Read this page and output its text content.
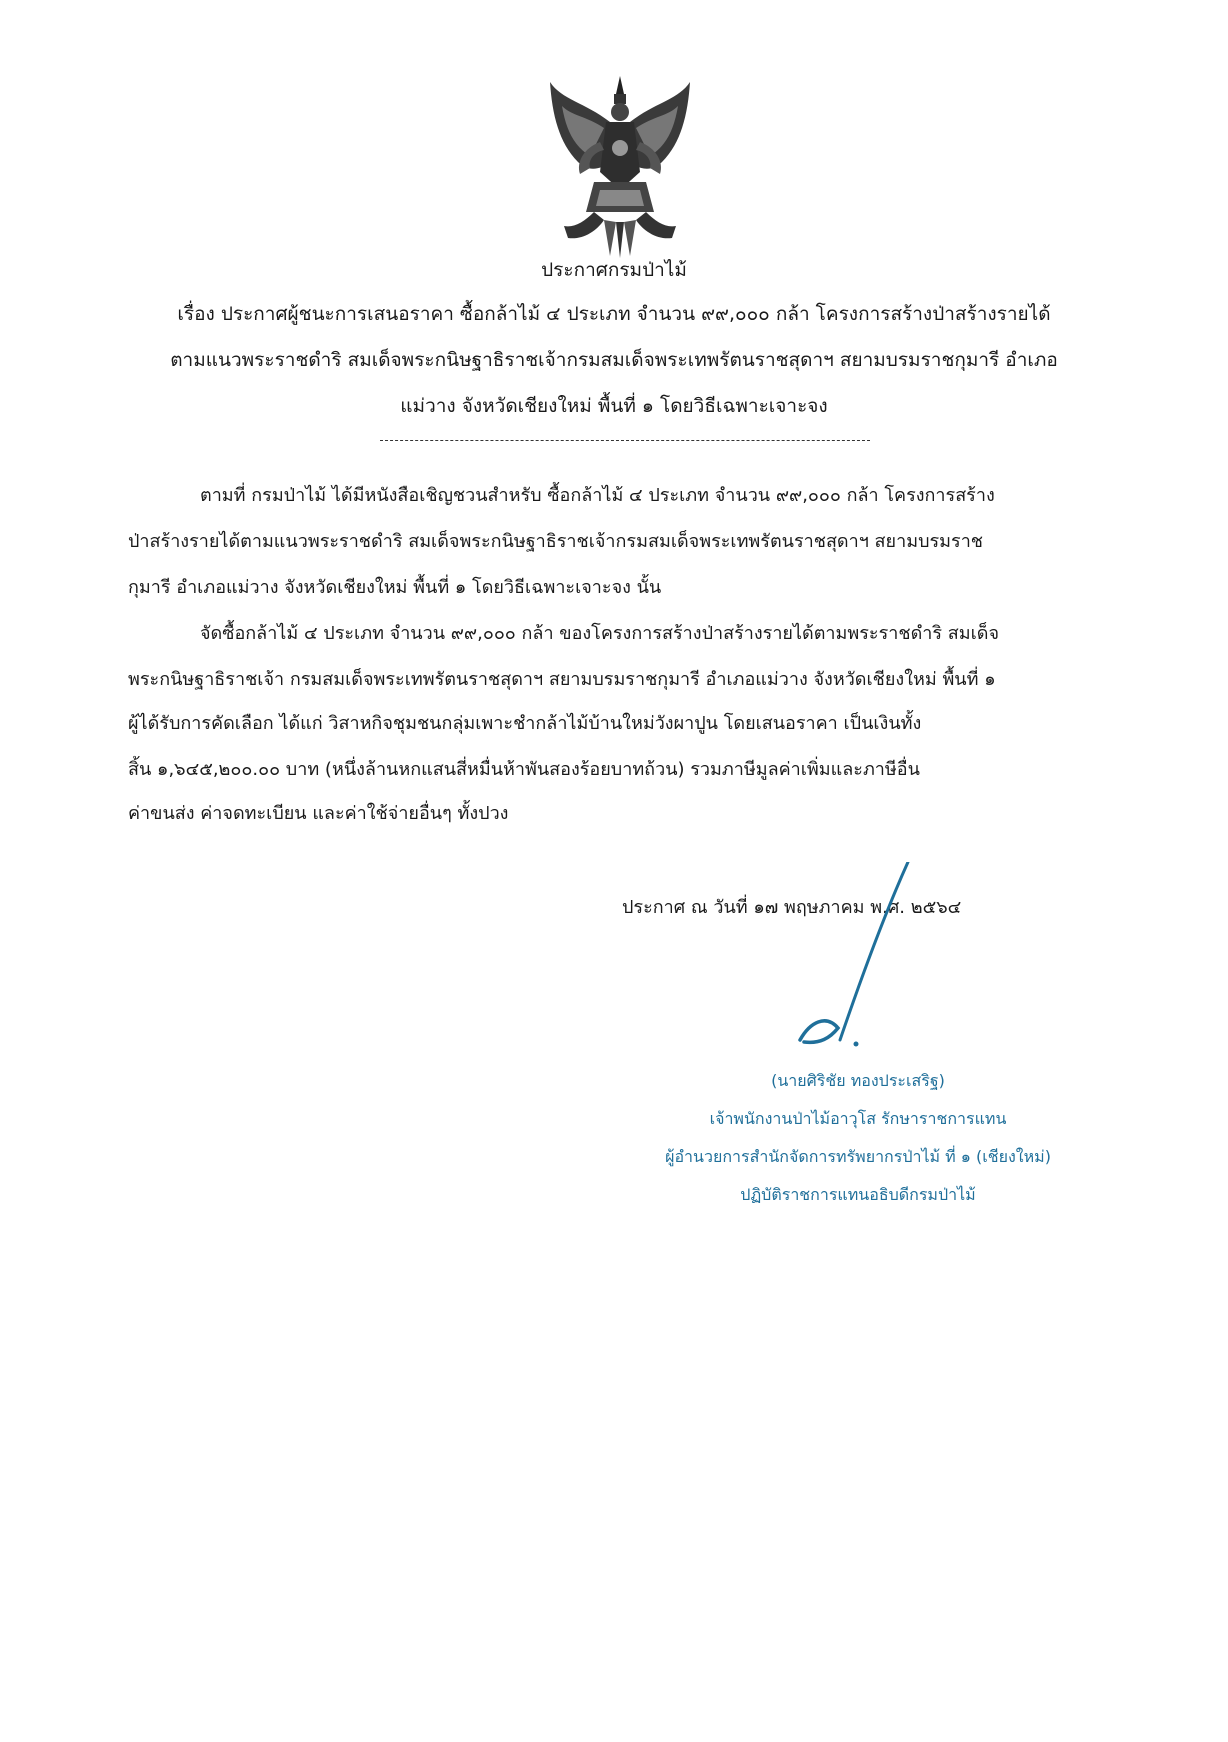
ประกาศกรมป่าไม้
เรื่อง ประกาศผู้ชนะการเสนอราคา ซื้อกล้าไม้ ๔ ประเภท จำนวน ๙๙,๐๐๐ กล้า โครงการสร้างป่าสร้างรายได้
ตามแนวพระราชดำริ สมเด็จพระกนิษฐาธิราชเจ้ากรมสมเด็จพระเทพรัตนราชสุดาฯ สยามบรมราชกุมารี อำเภอ
แม่วาง จังหวัดเชียงใหม่ พื้นที่ ๑ โดยวิธีเฉพาะเจาะจง
ตามที่ กรมป่าไม้ ได้มีหนังสือเชิญชวนสำหรับ ซื้อกล้าไม้ ๔ ประเภท จำนวน ๙๙,๐๐๐ กล้า โครงการสร้าง
ป่าสร้างรายได้ตามแนวพระราชดำริ สมเด็จพระกนิษฐาธิราชเจ้ากรมสมเด็จพระเทพรัตนราชสุดาฯ สยามบรมราช
กุมารี อำเภอแม่วาง จังหวัดเชียงใหม่ พื้นที่ ๑ โดยวิธีเฉพาะเจาะจง นั้น
จัดซื้อกล้าไม้ ๔ ประเภท จำนวน ๙๙,๐๐๐ กล้า ของโครงการสร้างป่าสร้างรายได้ตามพระราชดำริ สมเด็จ
พระกนิษฐาธิราชเจ้า กรมสมเด็จพระเทพรัตนราชสุดาฯ สยามบรมราชกุมารี อำเภอแม่วาง จังหวัดเชียงใหม่ พื้นที่ ๑
ผู้ได้รับการคัดเลือก ได้แก่ วิสาหกิจชุมชนกลุ่มเพาะชำกล้าไม้บ้านใหม่วังผาปูน โดยเสนอราคา เป็นเงินทั้ง
สิ้น ๑,๖๔๕,๒๐๐.๐๐ บาท (หนึ่งล้านหกแสนสี่หมื่นห้าพันสองร้อยบาทถ้วน) รวมภาษีมูลค่าเพิ่มและภาษีอื่น
ค่าขนส่ง ค่าจดทะเบียน และค่าใช้จ่ายอื่นๆ ทั้งปวง
ประกาศ ณ วันที่ ๑๗ พฤษภาคม พ.ศ. ๒๕๖๔
(นายศิริชัย ทองประเสริฐ)
เจ้าพนักงานป่าไม้อาวุโส รักษาราชการแทน
ผู้อำนวยการสำนักจัดการทรัพยากรป่าไม้ ที่ ๑ (เชียงใหม่)
ปฏิบัติราชการแทนอธิบดีกรมป่าไม้
